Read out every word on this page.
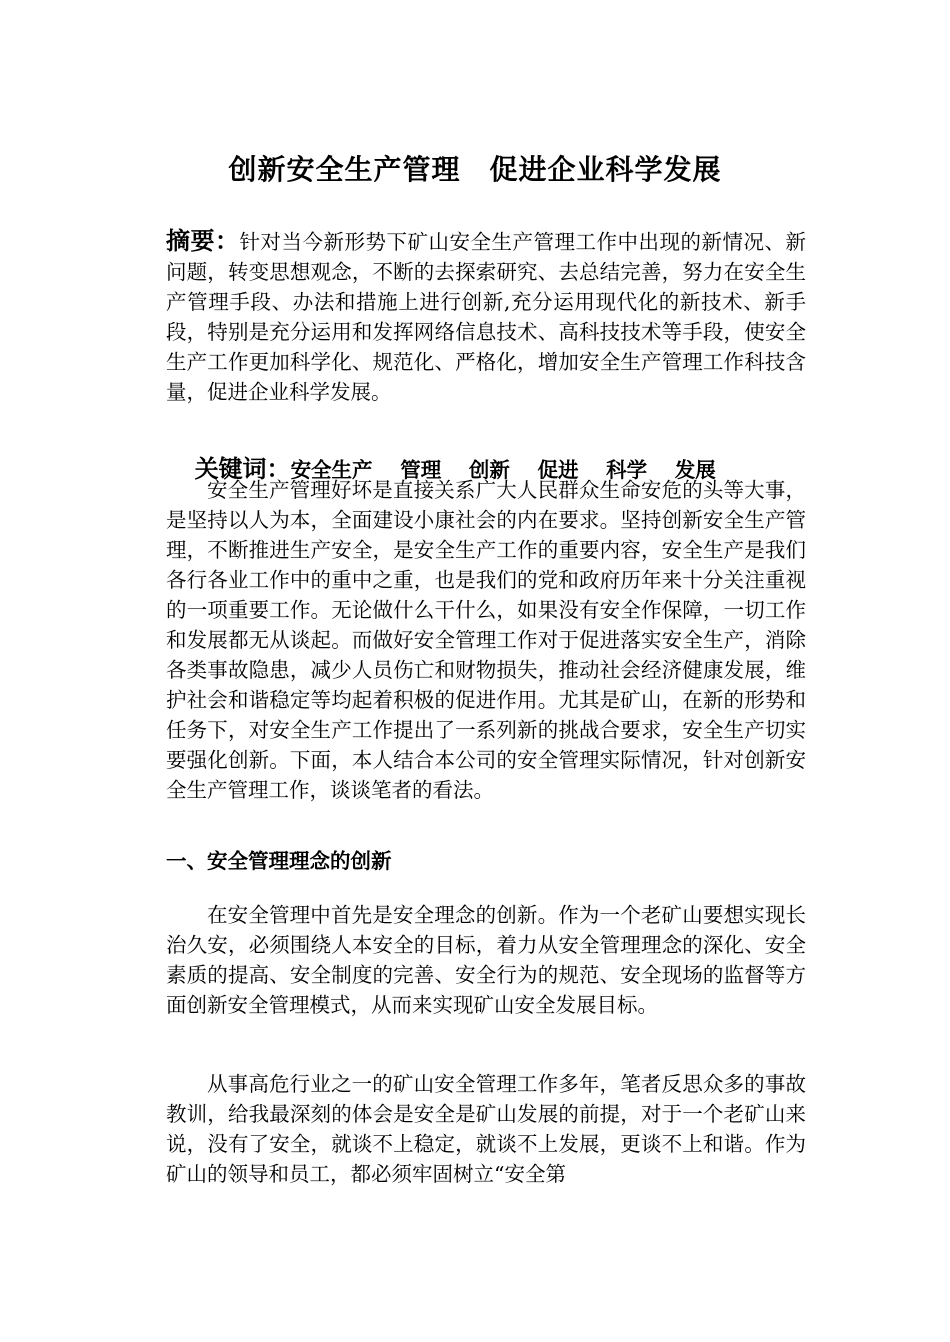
创新安全生产管理　促进企业科学发展
摘要：针对当今新形势下矿山安全生产管理工作中出现的新情况、新问题，转变思想观念，不断的去探索研究、去总结完善，努力在安全生产管理手段、办法和措施上进行创新,充分运用现代化的新技术、新手段，特别是充分运用和发挥网络信息技术、高科技技术等手段，使安全生产工作更加科学化、规范化、严格化，增加安全生产管理工作科技含量，促进企业科学发展。

关键词：安全生产　 管理　 创新　 促进　 科学　 发展

安全生产管理好坏是直接关系广大人民群众生命安危的头等大事，是坚持以人为本，全面建设小康社会的内在要求。坚持创新安全生产管理，不断推进生产安全，是安全生产工作的重要内容，安全生产是我们各行各业工作中的重中之重，也是我们的党和政府历年来十分关注重视的一项重要工作。无论做什么干什么，如果没有安全作保障，一切工作和发展都无从谈起。而做好安全管理工作对于促进落实安全生产，消除各类事故隐患，减少人员伤亡和财物损失，推动社会经济健康发展，维护社会和谐稳定等均起着积极的促进作用。尤其是矿山，在新的形势和任务下，对安全生产工作提出了一系列新的挑战合要求，安全生产切实要强化创新。下面，本人结合本公司的安全管理实际情况，针对创新安全生产管理工作，谈谈笔者的看法。
一、安全管理理念的创新
在安全管理中首先是安全理念的创新。作为一个老矿山要想实现长治久安，必须围绕人本安全的目标，着力从安全管理理念的深化、安全素质的提高、安全制度的完善、安全行为的规范、安全现场的监督等方面创新安全管理模式，从而来实现矿山安全发展目标。
从事高危行业之一的矿山安全管理工作多年，笔者反思众多的事故教训，给我最深刻的体会是安全是矿山发展的前提，对于一个老矿山来说，没有了安全，就谈不上稳定，就谈不上发展，更谈不上和谐。作为矿山的领导和员工，都必须牢固树立“安全第
